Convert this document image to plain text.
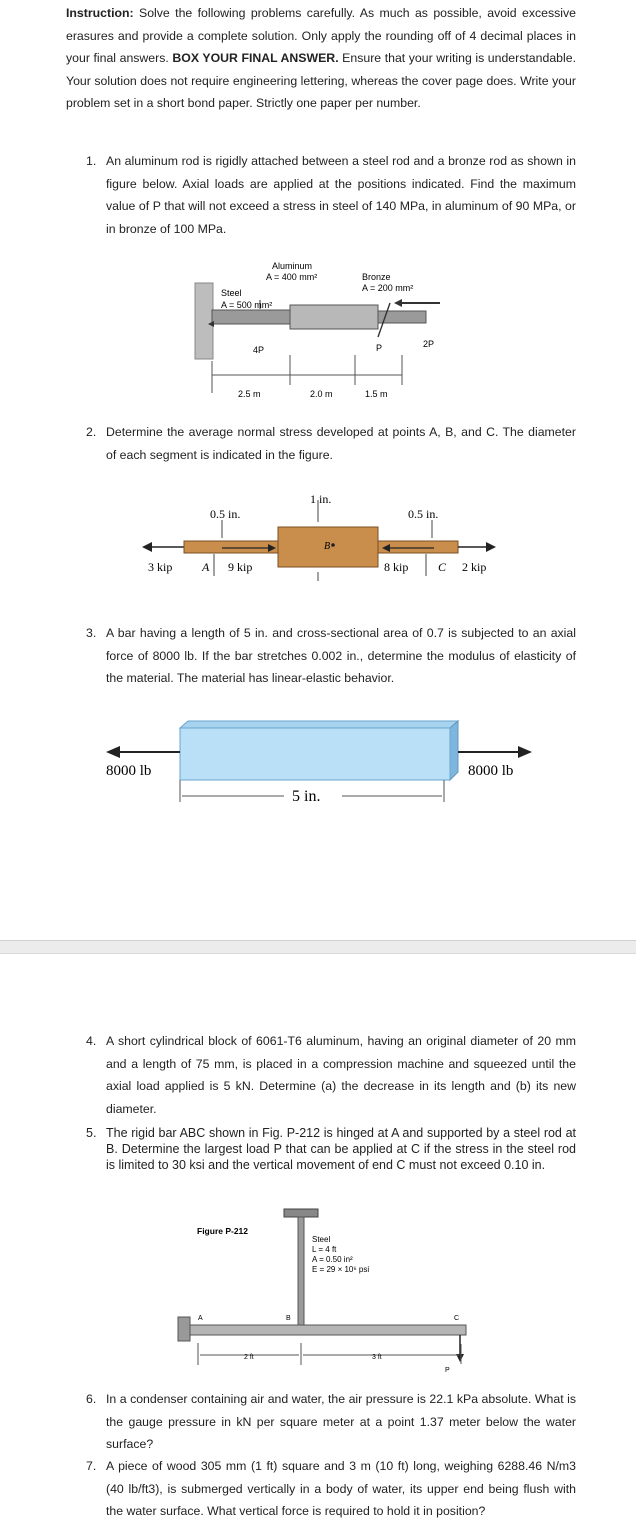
Instruction: Solve the following problems carefully. As much as possible, avoid excessive erasures and provide a complete solution. Only apply the rounding off of 4 decimal places in your final answers. BOX YOUR FINAL ANSWER. Ensure that your writing is understandable. Your solution does not require engineering lettering, whereas the cover page does. Write your problem set in a short bond paper. Strictly one paper per number.
1. An aluminum rod is rigidly attached between a steel rod and a bronze rod as shown in figure below. Axial loads are applied at the positions indicated. Find the maximum value of P that will not exceed a stress in steel of 140 MPa, in aluminum of 90 MPa, or in bronze of 100 MPa.
Aluminum
A = 400 mm²	Bronze
A = 200 mm²
Steel
A = 500 mm²
4P	P	2P
2.5 m	2.0 m	1.5 m
2. Determine the average normal stress developed at points A, B, and C. The diameter of each segment is indicated in the figure.
0.5 in.
1 in.
0.5 in.
3 kip A 9 kip
B
8 kip C 2 kip
3. A bar having a length of 5 in. and cross-sectional area of 0.7 is subjected to an axial force of 8000 lb. If the bar stretches 0.002 in., determine the modulus of elasticity of the material. The material has linear-elastic behavior.
8000 lb	8000 lb
5 in.
4. A short cylindrical block of 6061-T6 aluminum, having an original diameter of 20 mm and a length of 75 mm, is placed in a compression machine and squeezed until the axial load applied is 5 kN. Determine (a) the decrease in its length and (b) its new diameter.
5. The rigid bar ABC shown in Fig. P-212 is hinged at A and supported by a steel rod at B. Determine the largest load P that can be applied at C if the stress in the steel rod is limited to 30 ksi and the vertical movement of end C must not exceed 0.10 in.
Figure P-212
Steel
L = 4 ft
A = 0.50 in²
E = 29 × 10⁶ psi
A	B	C
P
2 ft	3 ft
6. In a condenser containing air and water, the air pressure is 22.1 kPa absolute. What is the gauge pressure in kN per square meter at a point 1.37 meter below the water surface?
7. A piece of wood 305 mm (1 ft) square and 3 m (10 ft) long, weighing 6288.46 N/m3 (40 lb/ft3), is submerged vertically in a body of water, its upper end being flush with the water surface. What vertical force is required to hold it in position?
